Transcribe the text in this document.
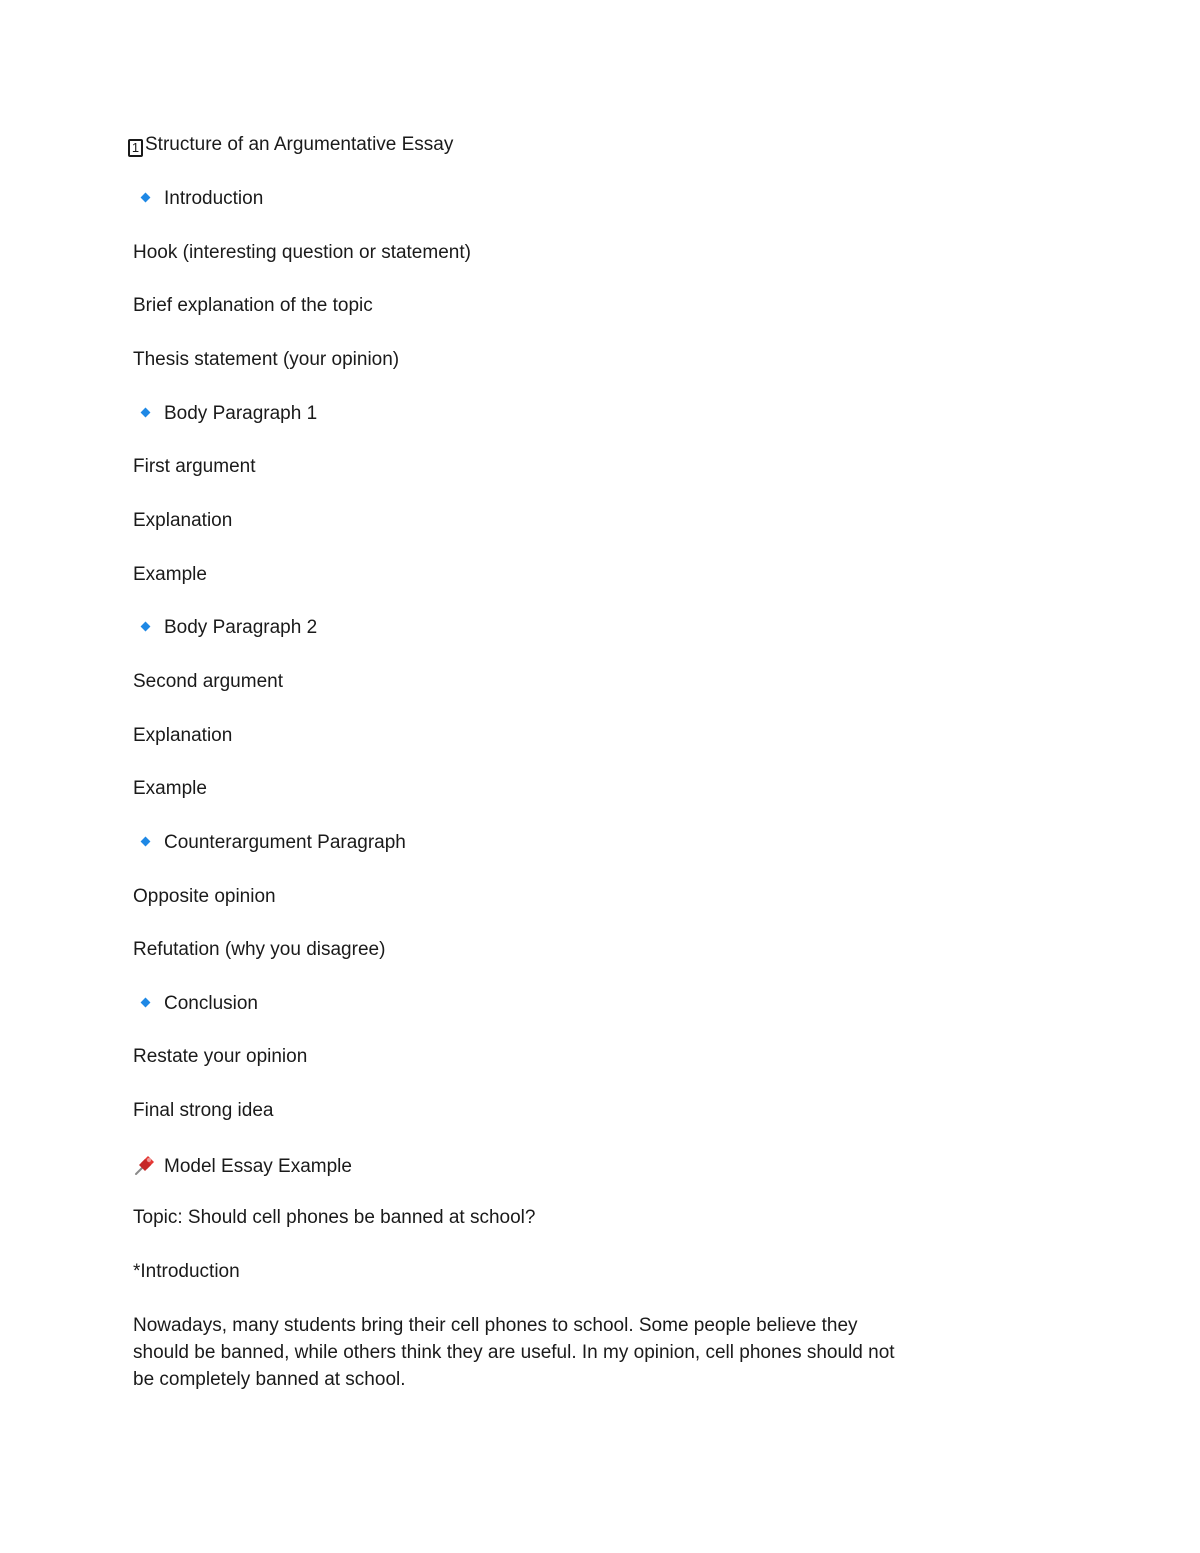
1 Structure of an Argumentative Essay
Introduction
Hook (interesting question or statement)
Brief explanation of the topic
Thesis statement (your opinion)
Body Paragraph 1
First argument
Explanation
Example
Body Paragraph 2
Second argument
Explanation
Example
Counterargument Paragraph
Opposite opinion
Refutation (why you disagree)
Conclusion
Restate your opinion
Final strong idea
Model Essay Example
Topic: Should cell phones be banned at school?
*Introduction
Nowadays, many students bring their cell phones to school. Some people believe they
should be banned, while others think they are useful. In my opinion, cell phones should not
be completely banned at school.
